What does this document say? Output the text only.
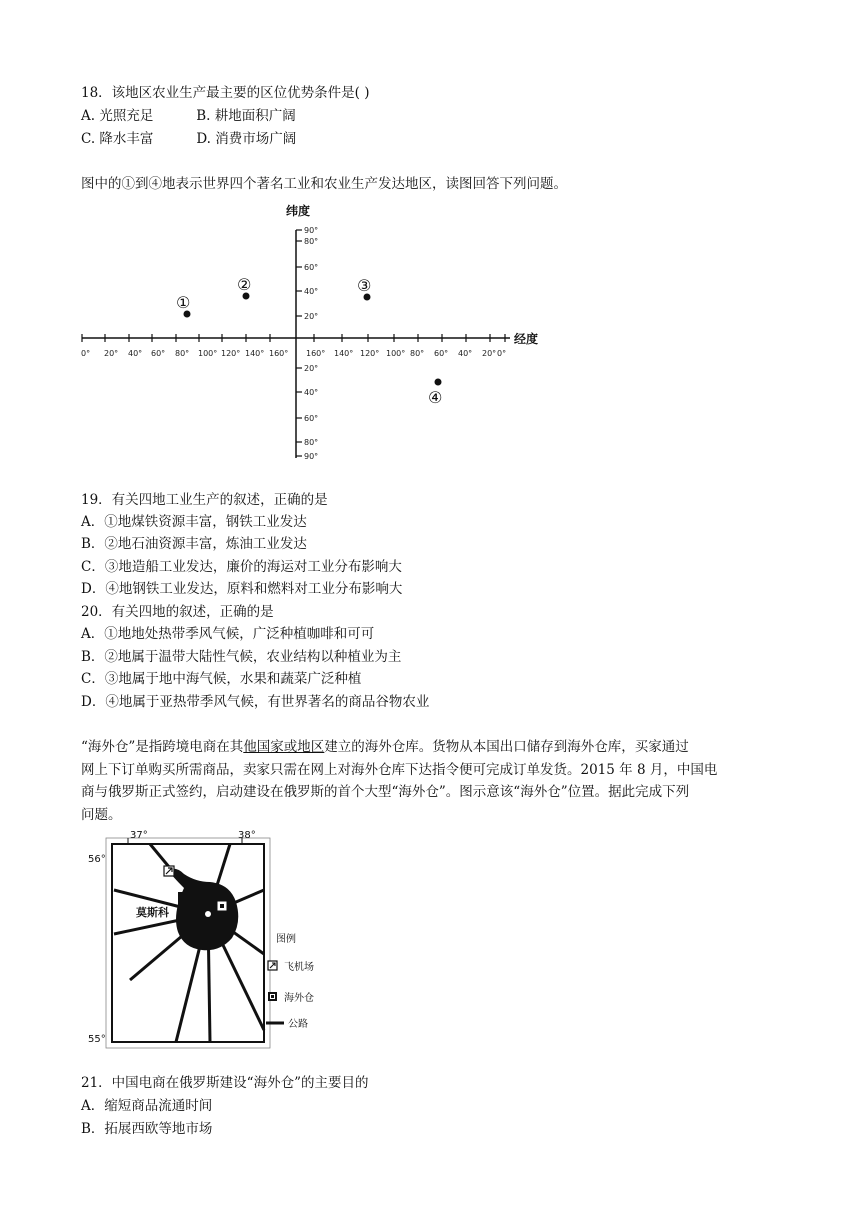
18．该地区农业生产最主要的区位优势条件是( )
A. 光照充足          B. 耕地面积广阔
C. 降水丰富          D. 消费市场广阔
图中的①到④地表示世界四个著名工业和农业生产发达地区，读图回答下列问题。
纬度
经度
0° 20° 40° 60° 80° 100° 120° 140° 160° 160° 140° 120° 100° 80° 60° 40° 20° 0°
90°
80°
60°
40°
20°
20°
40°
60°
80°
90°
①
②	③
④
19．有关四地工业生产的叙述，正确的是
A．①地煤铁资源丰富，钢铁工业发达
B．②地石油资源丰富，炼油工业发达
C．③地造船工业发达，廉价的海运对工业分布影响大
D．④地钢铁工业发达，原料和燃料对工业分布影响大
20．有关四地的叙述，正确的是
A．①地地处热带季风气候，广泛种植咖啡和可可
B．②地属于温带大陆性气候，农业结构以种植业为主
C．③地属于地中海气候，水果和蔬菜广泛种植
D．④地属于亚热带季风气候，有世界著名的商品谷物农业
“海外仓”是指跨境电商在其他国家或地区建立的海外仓库。货物从本国出口储存到海外仓库，买家通过
网上下订单购买所需商品，卖家只需在网上对海外仓库下达指令便可完成订单发货。2015 年 8 月，中国电
商与俄罗斯正式签约，启动建设在俄罗斯的首个大型“海外仓”。图示意该“海外仓”位置。据此完成下列
问题。
37°	38°
56°
55°
莫斯科
图例
飞机场
海外仓
公路
21．中国电商在俄罗斯建设“海外仓”的主要目的
A．缩短商品流通时间
B．拓展西欧等地市场
